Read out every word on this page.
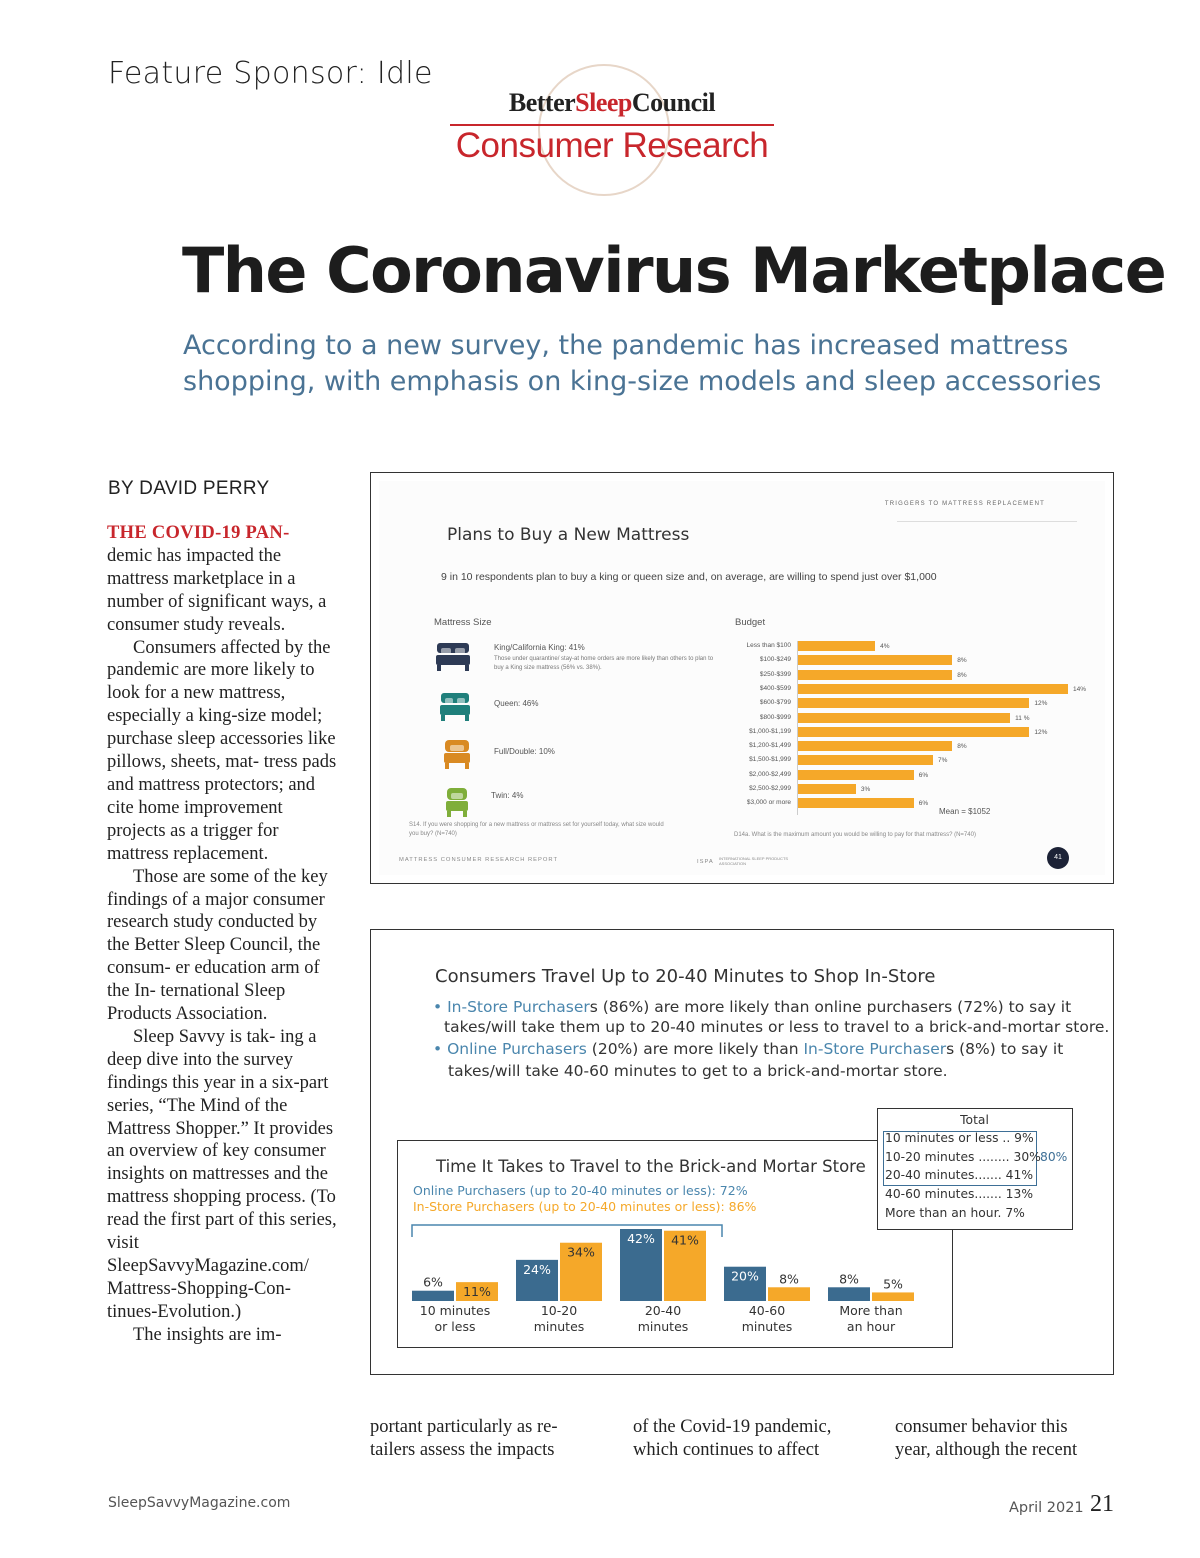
Feature Sponsor: Idle
BetterSleepCouncil
Consumer Research
The Coronavirus Marketplace
According to a new survey, the pandemic has increased mattress
shopping, with emphasis on king-size models and sleep accessories
BY DAVID PERRY

THE COVID-19 PAN- demic has impacted the mattress marketplace in a number of significant ways, a consumer study reveals.

Consumers affected by the pandemic are more likely to look for a new mattress, especially a king-size model; purchase sleep accessories like pillows, sheets, mat- tress pads and mattress protectors; and cite home improvement projects as a trigger for mattress replacement.

Those are some of the key findings of a major consumer research study conducted by the Better Sleep Council, the consum- er education arm of the In- ternational Sleep Products Association.

Sleep Savvy is tak- ing a deep dive into the survey findings this year in a six-part series, “The Mind of the Mattress Shopper.” It provides an overview of key consumer insights on mattresses and the mattress shopping process. (To read the first part of this series, visit SleepSavvyMagazine.com/ Mattress-Shopping-Con- tinues-Evolution.)

The insights are im-

TRIGGERS TO MATTRESS REPLACEMENT
Plans to Buy a New Mattress
9 in 10 respondents plan to buy a king or queen size and, on average, are willing to spend just over $1,000
Mattress Size	Budget
King/California King: 41%
Those under quarantine/ stay-at home orders are more likely than others to plan to buy a King size mattress (56% vs. 38%).
Queen: 46%
Full/Double: 10%
Twin: 4%
Less than $100	4%
$100-$249	8%
$250-$399	8%
$400-$599	14%
$600-$799	12%
$800-$999	11 %
$1,000-$1,199	12%
$1,200-$1,499	8%
$1,500-$1,999	7%
$2,000-$2,499	6%
$2,500-$2,999	3%
$3,000 or more	6%
Mean = $1052
S14. If you were shopping for a new mattress or mattress set for yourself today, what size would you buy? (N=740)	D14a. What is the maximum amount you would be willing to pay for that mattress? (N=740)
MATTRESS CONSUMER RESEARCH REPORT	ISPA
INTERNATIONAL SLEEP PRODUCTS ASSOCIATION
41
Consumers Travel Up to 20-40 Minutes to Shop In-Store
• In-Store Purchasers (86%) are more likely than online purchasers (72%) to say it
takes/will take them up to 20-40 minutes or less to travel to a brick-and-mortar store.
• Online Purchasers (20%) are more likely than In-Store Purchasers (8%) to say it
takes/will take 40-60 minutes to get to a brick-and-mortar store.
Time It Takes to Travel to the Brick-and Mortar Store
Online Purchasers (up to 20-40 minutes or less): 72%
In-Store Purchasers (up to 20-40 minutes or less): 86%
6%
11%
10 minutes
or less
24%
34%
10-20
minutes
42% 41%
20-40
minutes
20% 8%
40-60
minutes
8% 5%
More than
an hour
Total
10 minutes or less .. 9%
10-20 minutes ........ 30%
20-40 minutes....... 41%
40-60 minutes....... 13%
More than an hour. 7%
80%
portant particularly as re-
tailers assess the impacts
of the Covid-19 pandemic,
which continues to affect
consumer behavior this
year, although the recent
SleepSavvyMagazine.com	April 2021 21
